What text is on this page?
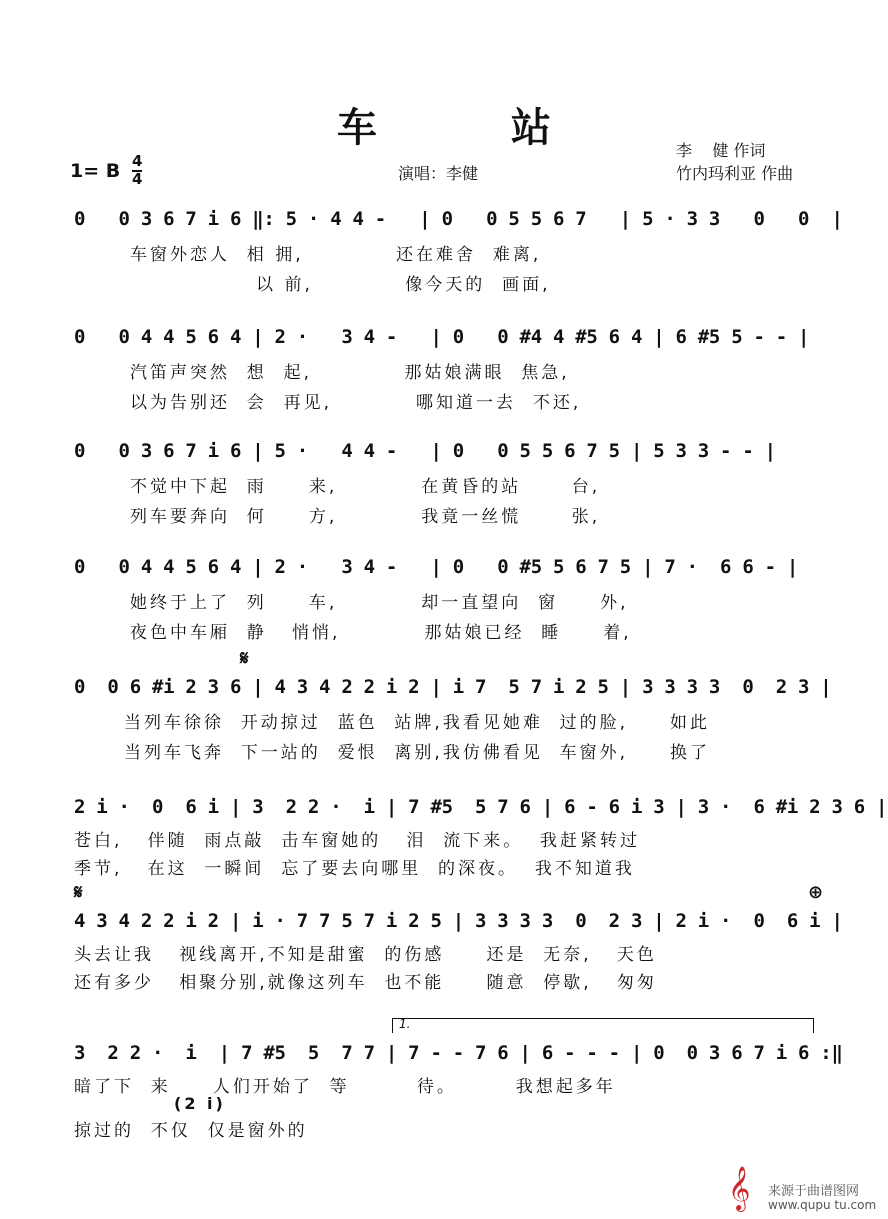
车 站	李    健 作词
演唱：李健	竹内玛利亚 作曲
1= B 4
4
0   0 3 6 7 i 6 ‖: 5 · 4 4 -   | 0   0 5 5 6 7   | 5 · 3 3   0   0  |
车窗外恋人  相 拥,           还在难舍  难离,
以 前,           像今天的  画面,
0   0 4 4 5 6 4 | 2 ·   3 4 -   | 0   0 #4 4 #5 6 4 | 6 #5 5 - - |
汽笛声突然  想  起,           那姑娘满眼  焦急,
以为告别还  会  再见,          哪知道一去  不还,
0   0 3 6 7 i 6 | 5 ·   4 4 -   | 0   0 5 5 6 7 5 | 5 3 3 - - |
不觉中下起  雨     来,          在黄昏的站      台,
列车要奔向  何     方,          我竟一丝慌      张,
0   0 4 4 5 6 4 | 2 ·   3 4 -   | 0   0 #5 5 6 7 5 | 7 ·  6 6 - |
她终于上了  列     车,          却一直望向  窗     外,
夜色中车厢  静   悄悄,          那姑娘已经  睡     着,
𝄋
0  0 6 #i 2 3 6 | 4 3 4 2 2 i 2 | i 7  5 7 i 2 5 | 3 3 3 3  0  2 3 |
当列车徐徐  开动掠过  蓝色  站牌,我看见她难  过的脸,     如此
当列车飞奔  下一站的  爱恨  离别,我仿佛看见  车窗外,     换了
2 i ·  0  6 i | 3  2 2 ·  i | 7 #5  5 7 6 | 6 - 6 i 3 | 3 ·  6 #i 2 3 6 |
苍白,   伴随  雨点敲  击车窗她的   泪  流下来。  我赶紧转过
季节,   在这  一瞬间  忘了要去向哪里  的深夜。  我不知道我
𝄋	⊕
4 3 4 2 2 i 2 | i · 7 7 5 7 i 2 5 | 3 3 3 3  0  2 3 | 2 i ·  0  6 i |
头去让我   视线离开,不知是甜蜜  的伤感     还是  无奈,   天色
还有多少   相聚分别,就像这列车  也不能     随意  停歇,   匆匆
1.
3  2 2 ·  i  | 7 #5  5  7 7 | 7 - - 7 6 | 6 - - - | 0  0 3 6 7 i 6 :‖
暗了下  来     人们开始了  等        待。       我想起多年
(2 i)
掠过的  不仅  仅是窗外的
𝄞 来源于曲谱图网
www.qupu tu.com
